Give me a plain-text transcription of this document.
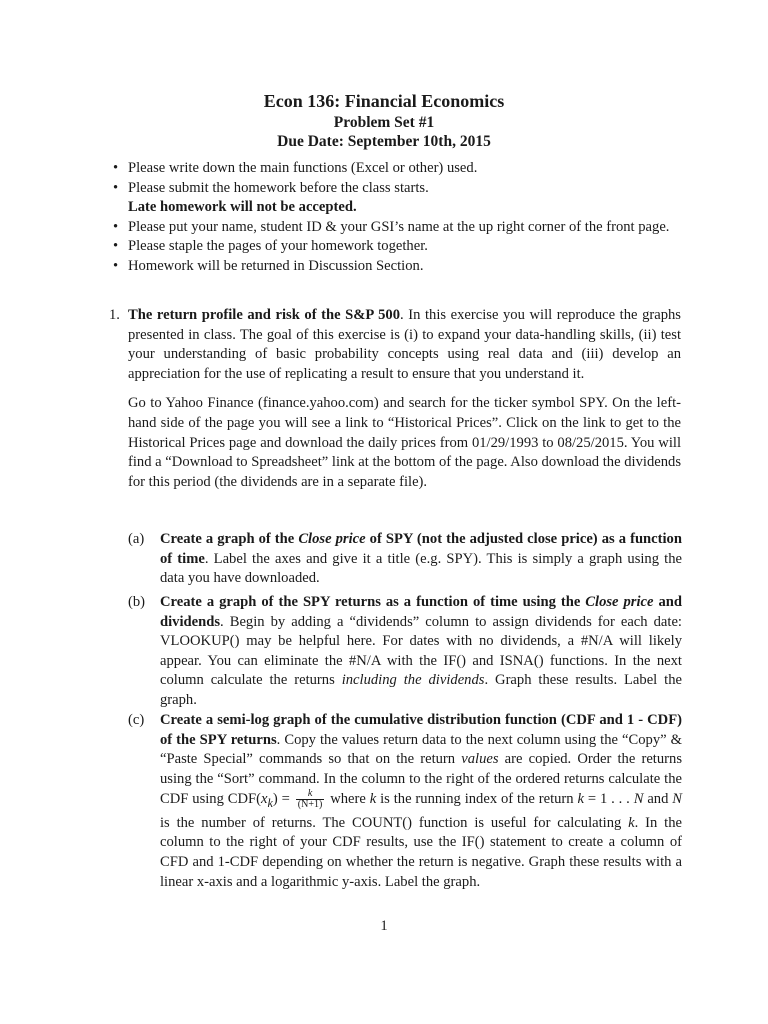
Econ 136: Financial Economics
Problem Set #1
Due Date: September 10th, 2015
• Please write down the main functions (Excel or other) used.
• Please submit the homework before the class starts.
Late homework will not be accepted.
• Please put your name, student ID & your GSI’s name at the up right corner of the front page.
• Please staple the pages of your homework together.
• Homework will be returned in Discussion Section.
1. The return profile and risk of the S&P 500. In this exercise you will reproduce the graphs presented in class. The goal of this exercise is (i) to expand your data-handling skills, (ii) test your understanding of basic probability concepts using real data and (iii) develop an appreciation for the use of replicating a result to ensure that you understand it.
Go to Yahoo Finance (finance.yahoo.com) and search for the ticker symbol SPY. On the left-hand side of the page you will see a link to “Historical Prices”. Click on the link to get to the Historical Prices page and download the daily prices from 01/29/1993 to 08/25/2015. You will find a “Download to Spreadsheet” link at the bottom of the page. Also download the dividends for this period (the dividends are in a separate file).
(a) Create a graph of the Close price of SPY (not the adjusted close price) as a function of time. Label the axes and give it a title (e.g. SPY). This is simply a graph using the data you have downloaded.
(b) Create a graph of the SPY returns as a function of time using the Close price and dividends. Begin by adding a “dividends” column to assign dividends for each date: VLOOKUP() may be helpful here. For dates with no dividends, a #N/A will likely appear. You can eliminate the #N/A with the IF() and ISNA() functions. In the next column calculate the returns including the dividends. Graph these results. Label the graph.
(c) Create a semi-log graph of the cumulative distribution function (CDF and 1 - CDF) of the SPY returns. Copy the values return data to the next column using the “Copy” & “Paste Special” commands so that on the return values are copied. Order the returns using the “Sort” command. In the column to the right of the ordered returns calculate the CDF using $CDF(x_k) = \frac{k}{(N+1)}$ where k is the running index of the return k = 1 . . . N and N is the number of returns. The COUNT() function is useful for calculating k. In the column to the right of your CDF results, use the IF() statement to create a column of CFD and 1-CDF depending on whether the return is negative. Graph these results with a linear x-axis and a logarithmic y-axis. Label the graph.
1
